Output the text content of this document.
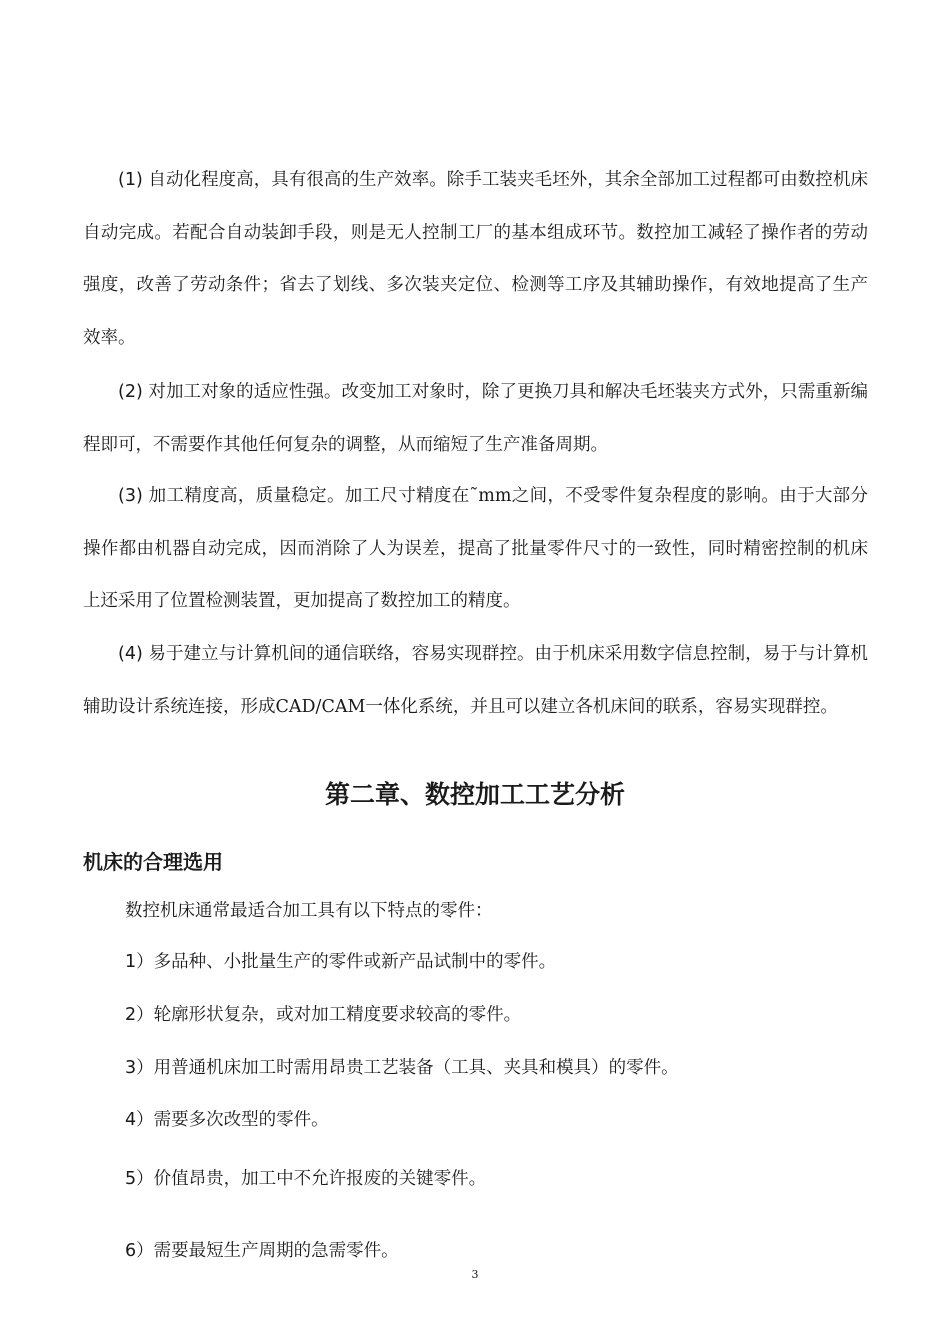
(1) 自动化程度高，具有很高的生产效率。除手工装夹毛坯外，其余全部加工过程都可由数控机床自动完成。若配合自动装卸手段，则是无人控制工厂的基本组成环节。数控加工减轻了操作者的劳动强度，改善了劳动条件；省去了划线、多次装夹定位、检测等工序及其辅助操作，有效地提高了生产效率。

(2) 对加工对象的适应性强。改变加工对象时，除了更换刀具和解决毛坯装夹方式外，只需重新编程即可，不需要作其他任何复杂的调整，从而缩短了生产准备周期。

(3) 加工精度高，质量稳定。加工尺寸精度在˜mm之间，不受零件复杂程度的影响。由于大部分操作都由机器自动完成，因而消除了人为误差，提高了批量零件尺寸的一致性，同时精密控制的机床上还采用了位置检测装置，更加提高了数控加工的精度。

(4) 易于建立与计算机间的通信联络，容易实现群控。由于机床采用数字信息控制，易于与计算机辅助设计系统连接，形成CAD/CAM一体化系统，并且可以建立各机床间的联系，容易实现群控。

第二章、数控加工工艺分析
机床的合理选用

数控机床通常最适合加工具有以下特点的零件：

1）多品种、小批量生产的零件或新产品试制中的零件。

2）轮廓形状复杂，或对加工精度要求较高的零件。

3）用普通机床加工时需用昂贵工艺装备（工具、夹具和模具）的零件。

4）需要多次改型的零件。

5）价值昂贵，加工中不允许报废的关键零件。

6）需要最短生产周期的急需零件。

3
